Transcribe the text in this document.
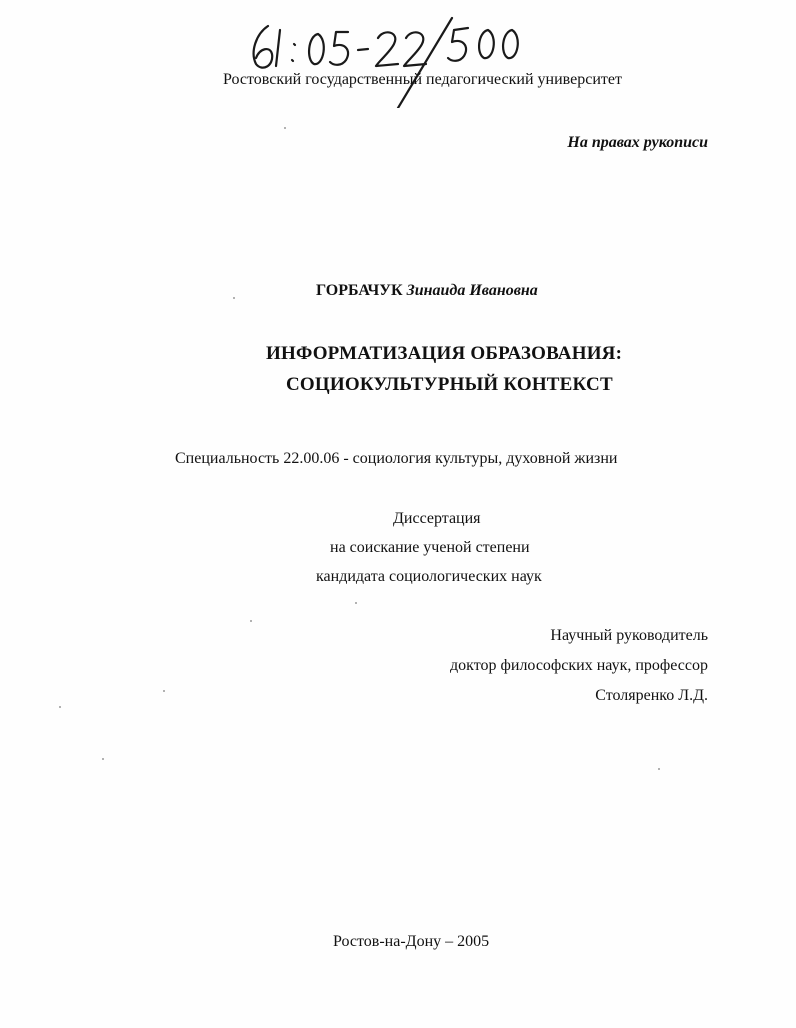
Ростовский государственный педагогический университет
На правах рукописи
ГОРБАЧУК Зинаида Ивановна
ИНФОРМАТИЗАЦИЯ ОБРАЗОВАНИЯ:
СОЦИОКУЛЬТУРНЫЙ КОНТЕКСТ
Специальность 22.00.06 - социология культуры, духовной жизни
Диссертация
на соискание ученой степени
кандидата социологических наук
Научный руководитель
доктор философских наук, профессор
Столяренко Л.Д.
Ростов-на-Дону – 2005
